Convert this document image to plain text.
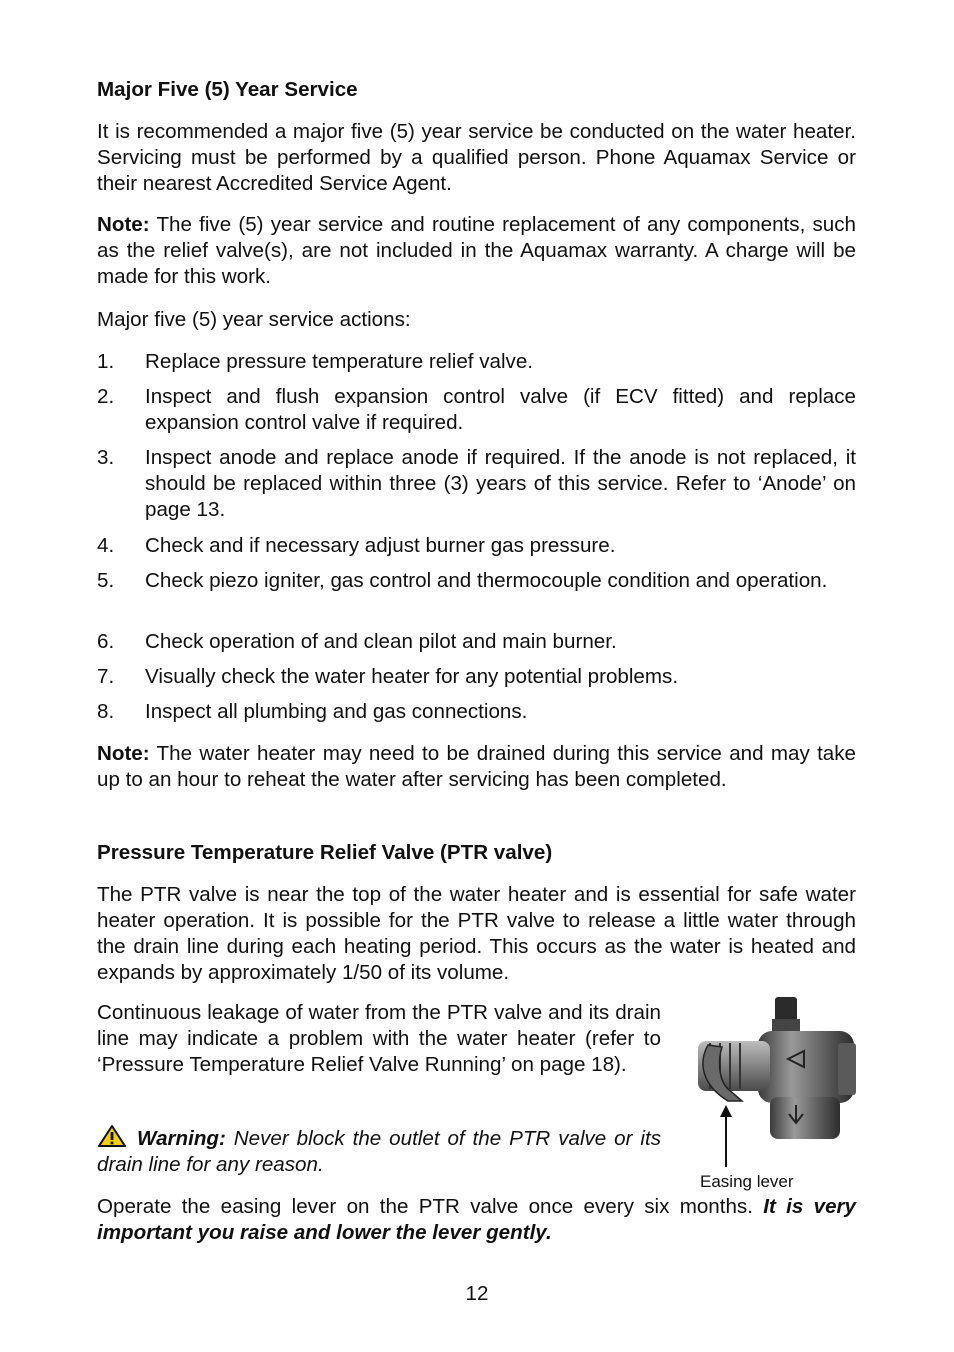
Major Five (5) Year Service

It is recommended a major five (5) year service be conducted on the water heater. Servicing must be performed by a qualified person. Phone Aquamax Service or their nearest Accredited Service Agent.

Note: The five (5) year service and routine replacement of any components, such as the relief valve(s), are not included in the Aquamax warranty. A charge will be made for this work.

Major five (5) year service actions:

1.	Replace pressure temperature relief valve.
2.	Inspect and flush expansion control valve (if ECV fitted) and replace expansion control valve if required.
3.	Inspect anode and replace anode if required. If the anode is not replaced, it should be replaced within three (3) years of this service. Refer to ‘Anode’ on page 13.
4.	Check and if necessary adjust burner gas pressure.
5.	Check piezo igniter, gas control and thermocouple condition and operation.
6.	Check operation of and clean pilot and main burner.
7.	Visually check the water heater for any potential problems.
8.	Inspect all plumbing and gas connections.

Note: The water heater may need to be drained during this service and may take up to an hour to reheat the water after servicing has been completed.

Pressure Temperature Relief Valve (PTR valve)

The PTR valve is near the top of the water heater and is essential for safe water heater operation. It is possible for the PTR valve to release a little water through the drain line during each heating period. This occurs as the water is heated and expands by approximately 1/50 of its volume.

Continuous leakage of water from the PTR valve and its drain line may indicate a problem with the water heater (refer to ‘Pressure Temperature Relief Valve Running’ on page 18).

Warning: Never block the outlet of the PTR valve or its drain line for any reason.

Operate the easing lever on the PTR valve once every six months. It is very important you raise and lower the lever gently.

Easing lever
12
